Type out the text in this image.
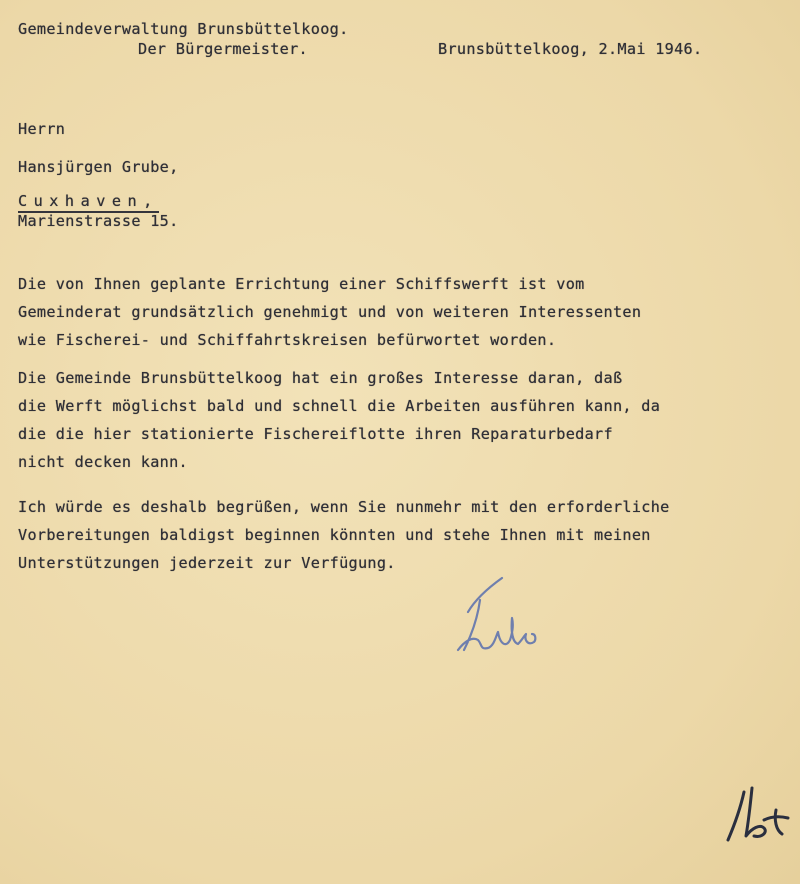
Gemeindeverwaltung Brunsbüttelkoog.
Der Bürgermeister.	Brunsbüttelkoog, 2.Mai 1946.
Herrn
Hansjürgen Grube,
Cuxhaven,
Marienstrasse 15.
Die von Ihnen geplante Errichtung einer Schiffswerft ist vom
Gemeinderat grundsätzlich genehmigt und von weiteren Interessenten
wie Fischerei- und Schiffahrtskreisen befürwortet worden.
Die Gemeinde Brunsbüttelkoog hat ein großes Interesse daran, daß
die Werft möglichst bald und schnell die Arbeiten ausführen kann, da
die die hier stationierte Fischereiflotte ihren Reparaturbedarf
nicht decken kann.
Ich würde es deshalb begrüßen, wenn Sie nunmehr mit den erforderliche
Vorbereitungen baldigst beginnen könnten und stehe Ihnen mit meinen
Unterstützungen jederzeit zur Verfügung.
